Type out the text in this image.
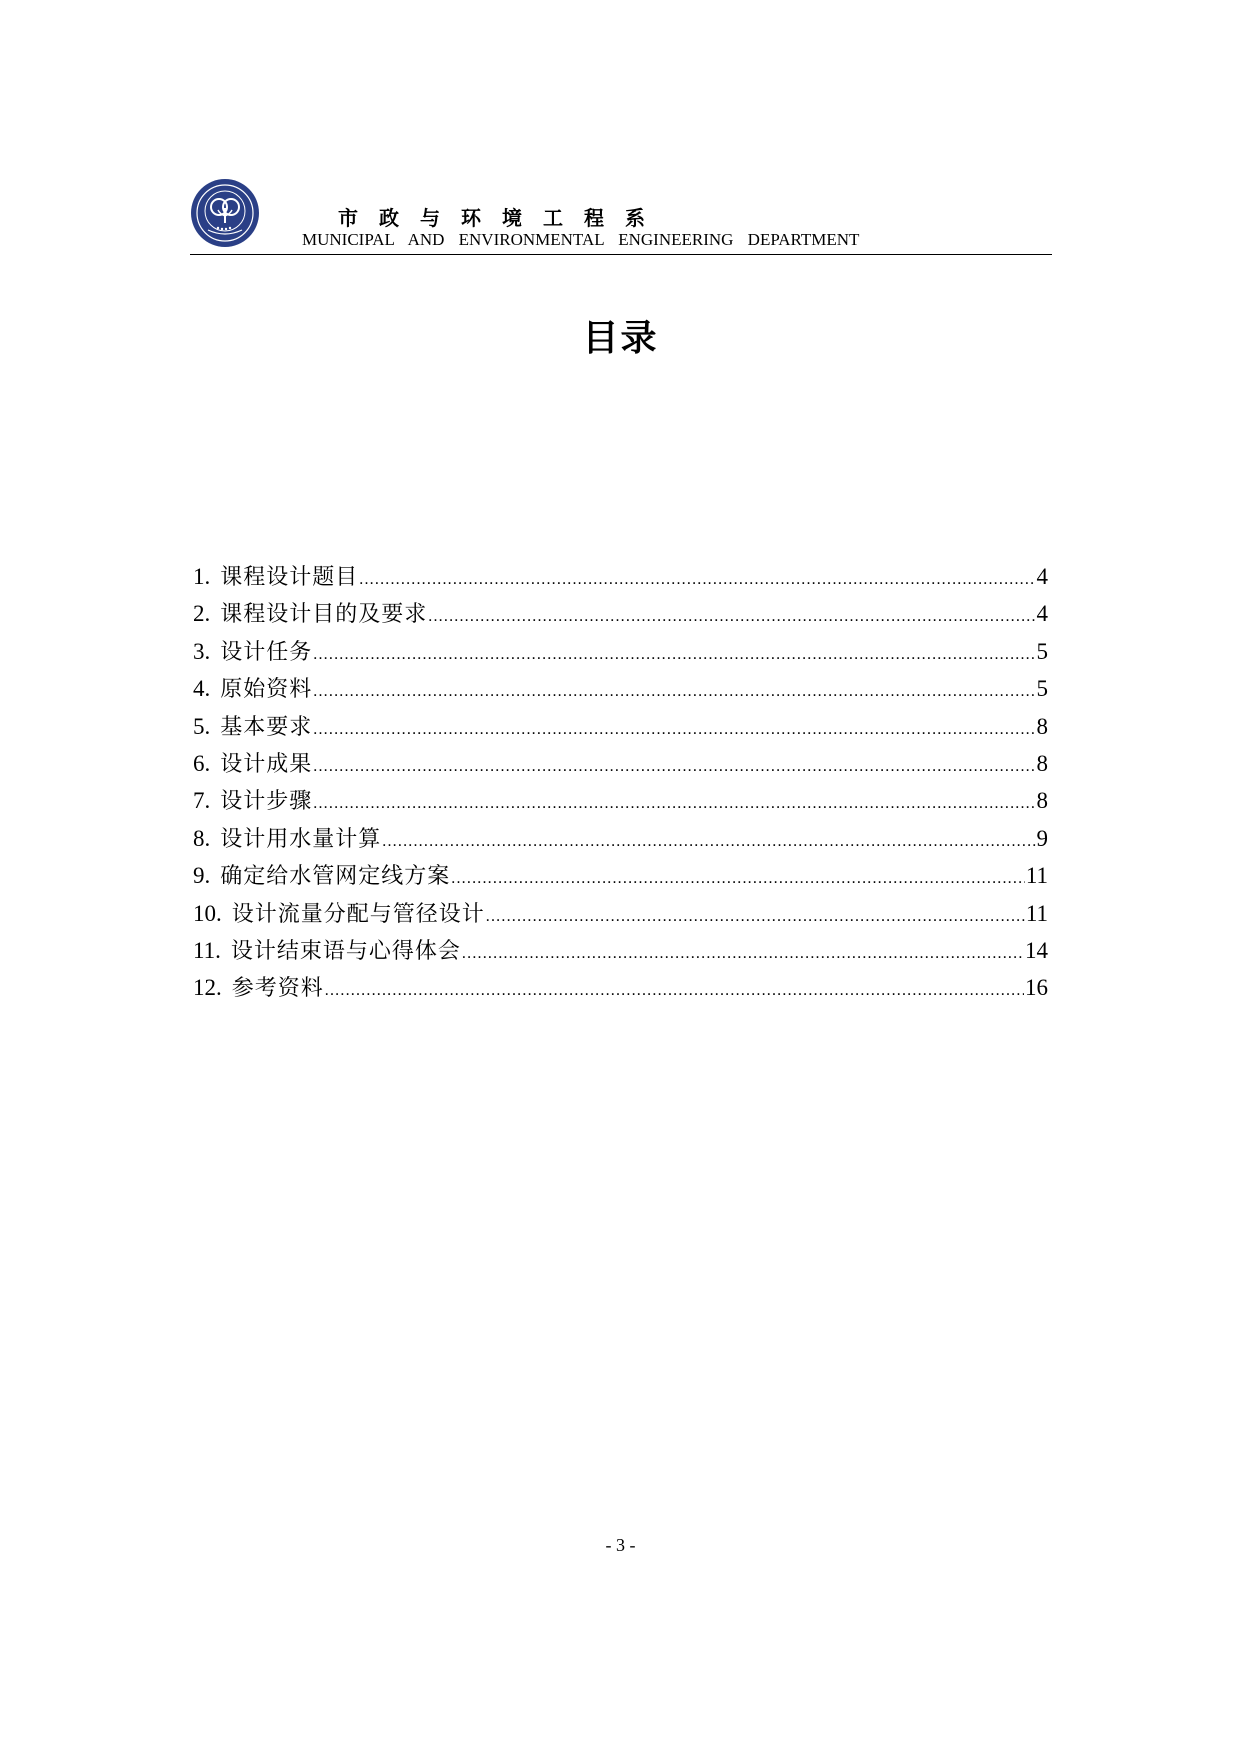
市政与环境工程系
MUNICIPAL AND ENVIRONMENTAL ENGINEERING DEPARTMENT
目录
1. 课程设计题目 .....	4
2. 课程设计目的及要求 .....	4
3. 设计任务 .....	5
4. 原始资料 .....	5
5. 基本要求 .....	8
6. 设计成果 .....	8
7. 设计步骤 .....	8
8. 设计用水量计算 .....	9
9. 确定给水管网定线方案 .....	11
10. 设计流量分配与管径设计 .....	11
11. 设计结束语与心得体会 .....	14
12. 参考资料 .....	16
- 3 -
